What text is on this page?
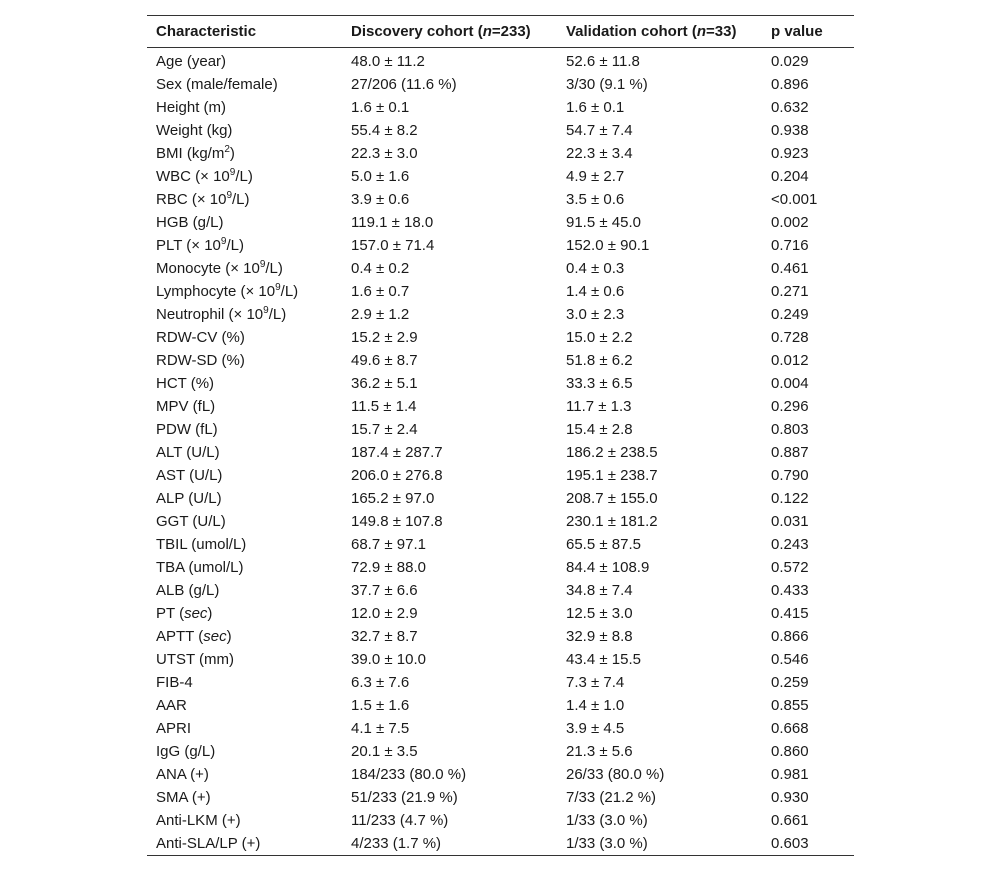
Characteristic	Discovery cohort (n=233)	Validation cohort (n=33)	p value
Age (year)	48.0 ± 11.2	52.6 ± 11.8	0.029
Sex (male/female)	27/206 (11.6 %)	3/30 (9.1 %)	0.896
Height (m)	1.6 ± 0.1	1.6 ± 0.1	0.632
Weight (kg)	55.4 ± 8.2	54.7 ± 7.4	0.938
BMI $(kg/m^2)$	22.3 ± 3.0	22.3 ± 3.4	0.923
WBC (× $10^9/L$)	5.0 ± 1.6	4.9 ± 2.7	0.204
RBC (× $10^9/L$)	3.9 ± 0.6	3.5 ± 0.6	<0.001
HGB (g/L)	119.1 ± 18.0	91.5 ± 45.0	0.002
PLT (× $10^9/L$)	157.0 ± 71.4	152.0 ± 90.1	0.716
Monocyte (× $10^9/L$)	0.4 ± 0.2	0.4 ± 0.3	0.461
Lymphocyte (× $10^9/L$)	1.6 ± 0.7	1.4 ± 0.6	0.271
Neutrophil (× $10^9/L$)	2.9 ± 1.2	3.0 ± 2.3	0.249
RDW-CV (%)	15.2 ± 2.9	15.0 ± 2.2	0.728
RDW-SD (%)	49.6 ± 8.7	51.8 ± 6.2	0.012
HCT (%)	36.2 ± 5.1	33.3 ± 6.5	0.004
MPV (fL)	11.5 ± 1.4	11.7 ± 1.3	0.296
PDW (fL)	15.7 ± 2.4	15.4 ± 2.8	0.803
ALT (U/L)	187.4 ± 287.7	186.2 ± 238.5	0.887
AST (U/L)	206.0 ± 276.8	195.1 ± 238.7	0.790
ALP (U/L)	165.2 ± 97.0	208.7 ± 155.0	0.122
GGT (U/L)	149.8 ± 107.8	230.1 ± 181.2	0.031
TBIL (umol/L)	68.7 ± 97.1	65.5 ± 87.5	0.243
TBA (umol/L)	72.9 ± 88.0	84.4 ± 108.9	0.572
ALB (g/L)	37.7 ± 6.6	34.8 ± 7.4	0.433
PT (sec)	12.0 ± 2.9	12.5 ± 3.0	0.415
APTT (sec)	32.7 ± 8.7	32.9 ± 8.8	0.866
UTST (mm)	39.0 ± 10.0	43.4 ± 15.5	0.546
FIB-4	6.3 ± 7.6	7.3 ± 7.4	0.259
AAR	1.5 ± 1.6	1.4 ± 1.0	0.855
APRI	4.1 ± 7.5	3.9 ± 4.5	0.668
IgG (g/L)	20.1 ± 3.5	21.3 ± 5.6	0.860
ANA (+)	184/233 (80.0 %)	26/33 (80.0 %)	0.981
SMA (+)	51/233 (21.9 %)	7/33 (21.2 %)	0.930
Anti-LKM (+)	11/233 (4.7 %)	1/33 (3.0 %)	0.661
Anti-SLA/LP (+)	4/233 (1.7 %)	1/33 (3.0 %)	0.603
